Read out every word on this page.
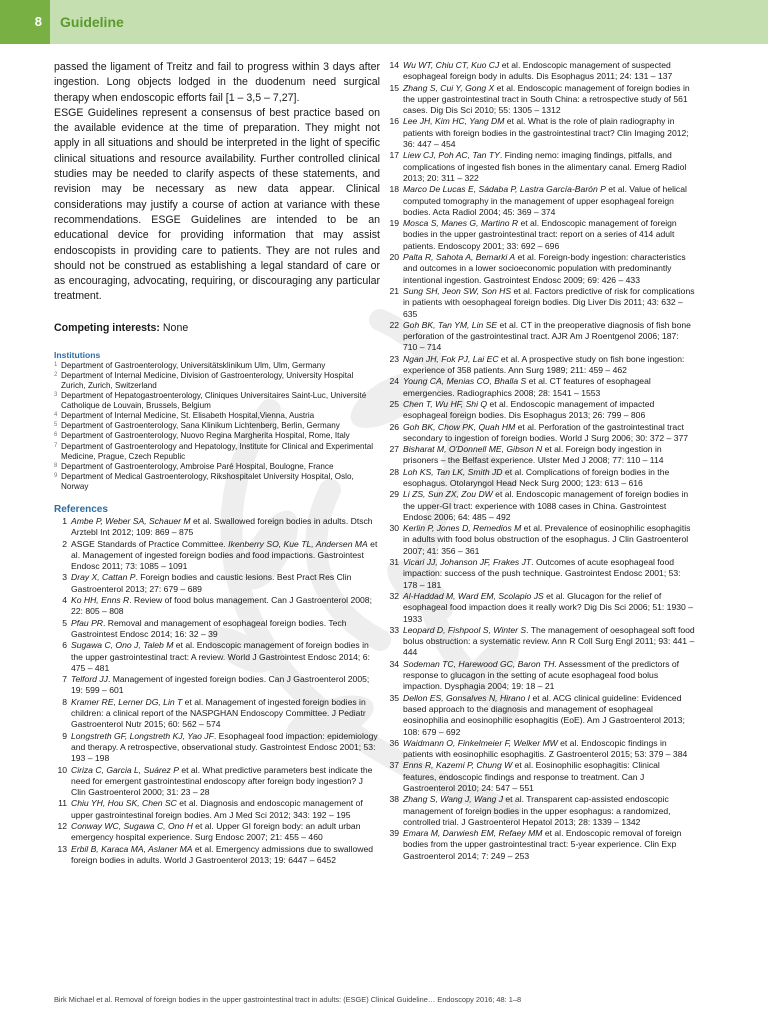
8	Guideline

passed the ligament of Treitz and fail to progress within 3 days after ingestion. Long objects lodged in the duodenum need surgical therapy when endoscopic efforts fail [1 – 3,5 – 7,27].

ESGE Guidelines represent a consensus of best practice based on the available evidence at the time of preparation. They might not apply in all situations and should be interpreted in the light of specific clinical situations and resource availability. Further controlled clinical studies may be needed to clarify aspects of these statements, and revision may be necessary as new data appear. Clinical considerations may justify a course of action at variance with these recommendations. ESGE Guidelines are intended to be an educational device for providing information that may assist endoscopists in providing care to patients. They are not rules and should not be construed as establishing a legal standard of care or as encouraging, advocating, requiring, or discouraging any particular treatment.

Competing interests: None
Institutions
1 Department of Gastroenterology, Universitätsklinikum Ulm, Ulm, Germany
2 Department of Internal Medicine, Division of Gastroenterology, University Hospital Zurich, Zurich, Switzerland
3 Department of Hepatogastroenterology, Cliniques Universitaires Saint-Luc, Université Catholique de Louvain, Brussels, Belgium
4 Department of Internal Medicine, St. Elisabeth Hospital,Vienna, Austria
5 Department of Gastroenterology, Sana Klinikum Lichtenberg, Berlin, Germany
6 Department of Gastroenterology, Nuovo Regina Margherita Hospital, Rome, Italy
7 Department of Gastroenterology and Hepatology, Institute for Clinical and Experimental Medicine, Prague, Czech Republic
8 Department of Gastroenterology, Ambroise Paré Hospital, Boulogne, France
9 Department of Medical Gastroenterology, Rikshospitalet University Hospital, Oslo, Norway
References
1 Ambe P, Weber SA, Schauer M et al. Swallowed foreign bodies in adults. Dtsch Arztebl Int 2012; 109: 869 – 875
2 ASGE Standards of Practice Committee. Ikenberry SO, Kue TL, Andersen MA et al. Management of ingested foreign bodies and food impactions. Gastrointest Endosc 2011; 73: 1085 – 1091
3 Dray X, Cattan P. Foreign bodies and caustic lesions. Best Pract Res Clin Gastroenterol 2013; 27: 679 – 689
4 Ko HH, Enns R. Review of food bolus management. Can J Gastroenterol 2008; 22: 805 – 808
5 Pfau PR. Removal and management of esophageal foreign bodies. Tech Gastrointest Endosc 2014; 16: 32 – 39
6 Sugawa C, Ono J, Taleb M et al. Endoscopic management of foreign bodies in the upper gastrointestinal tract: A review. World J Gastrointest Endosc 2014; 6: 475 – 481
7 Telford JJ. Management of ingested foreign bodies. Can J Gastroenterol 2005; 19: 599 – 601
8 Kramer RE, Lerner DG, Lin T et al. Management of ingested foreign bodies in children: a clinical report of the NASPGHAN Endoscopy Committee. J Pediatr Gastroenterol Nutr 2015; 60: 562 – 574
9 Longstreth GF, Longstreth KJ, Yao JF. Esophageal food impaction: epidemiology and therapy. A retrospective, observational study. Gastrointest Endosc 2001; 53: 193 – 198
10 Ciriza C, Garcia L, Suárez P et al. What predictive parameters best indicate the need for emergent gastrointestinal endoscopy after foreign body ingestion? J Clin Gastroenterol 2000; 31: 23 – 28
11 Chiu YH, Hou SK, Chen SC et al. Diagnosis and endoscopic management of upper gastrointestinal foreign bodies. Am J Med Sci 2012; 343: 192 – 195
12 Conway WC, Sugawa C, Ono H et al. Upper GI foreign body: an adult urban emergency hospital experience. Surg Endosc 2007; 21: 455 – 460
13 Erbil B, Karaca MA, Aslaner MA et al. Emergency admissions due to swallowed foreign bodies in adults. World J Gastroenterol 2013; 19: 6447 – 6452
14 Wu WT, Chiu CT, Kuo CJ et al. Endoscopic management of suspected esophageal foreign body in adults. Dis Esophagus 2011; 24: 131 – 137
15 Zhang S, Cui Y, Gong X et al. Endoscopic management of foreign bodies in the upper gastrointestinal tract in South China: a retrospective study of 561 cases. Dig Dis Sci 2010; 55: 1305 – 1312
16 Lee JH, Kim HC, Yang DM et al. What is the role of plain radiography in patients with foreign bodies in the gastrointestinal tract? Clin Imaging 2012; 36: 447 – 454
17 Liew CJ, Poh AC, Tan TY. Finding nemo: imaging findings, pitfalls, and complications of ingested fish bones in the alimentary canal. Emerg Radiol 2013; 20: 311 – 322
18 Marco De Lucas E, Sádaba P, Lastra García-Barón P et al. Value of helical computed tomography in the management of upper esophageal foreign bodies. Acta Radiol 2004; 45: 369 – 374
19 Mosca S, Manes G, Martino R et al. Endoscopic management of foreign bodies in the upper gastrointestinal tract: report on a series of 414 adult patients. Endoscopy 2001; 33: 692 – 696
20 Palta R, Sahota A, Bemarki A et al. Foreign-body ingestion: characteristics and outcomes in a lower socioeconomic population with predominantly intentional ingestion. Gastrointest Endosc 2009; 69: 426 – 433
21 Sung SH, Jeon SW, Son HS et al. Factors predictive of risk for complications in patients with oesophageal foreign bodies. Dig Liver Dis 2011; 43: 632 – 635
22 Goh BK, Tan YM, Lin SE et al. CT in the preoperative diagnosis of fish bone perforation of the gastrointestinal tract. AJR Am J Roentgenol 2006; 187: 710 – 714
23 Ngan JH, Fok PJ, Lai EC et al. A prospective study on fish bone ingestion: experience of 358 patients. Ann Surg 1989; 211: 459 – 462
24 Young CA, Menias CO, Bhalla S et al. CT features of esophageal emergencies. Radiographics 2008; 28: 1541 – 1553
25 Chen T, Wu HF, Shi Q et al. Endoscopic management of impacted esophageal foreign bodies. Dis Esophagus 2013; 26: 799 – 806
26 Goh BK, Chow PK, Quah HM et al. Perforation of the gastrointestinal tract secondary to ingestion of foreign bodies. World J Surg 2006; 30: 372 – 377
27 Bisharat M, O'Donnell ME, Gibson N et al. Foreign body ingestion in prisoners – the Belfast experience. Ulster Med J 2008; 77: 110 – 114
28 Loh KS, Tan LK, Smith JD et al. Complications of foreign bodies in the esophagus. Otolaryngol Head Neck Surg 2000; 123: 613 – 616
29 Li ZS, Sun ZX, Zou DW et al. Endoscopic management of foreign bodies in the upper-GI tract: experience with 1088 cases in China. Gastrointest Endosc 2006; 64: 485 – 492
30 Kerlin P, Jones D, Remedios M et al. Prevalence of eosinophilic esophagitis in adults with food bolus obstruction of the esophagus. J Clin Gastroenterol 2007; 41: 356 – 361
31 Vicari JJ, Johanson JF, Frakes JT. Outcomes of acute esophageal food impaction: success of the push technique. Gastrointest Endosc 2001; 53: 178 – 181
32 Al-Haddad M, Ward EM, Scolapio JS et al. Glucagon for the relief of esophageal food impaction does it really work? Dig Dis Sci 2006; 51: 1930 – 1933
33 Leopard D, Fishpool S, Winter S. The management of oesophageal soft food bolus obstruction: a systematic review. Ann R Coll Surg Engl 2011; 93: 441 – 444
34 Sodeman TC, Harewood GC, Baron TH. Assessment of the predictors of response to glucagon in the setting of acute esophageal food bolus impaction. Dysphagia 2004; 19: 18 – 21
35 Dellon ES, Gonsalves N, Hirano I et al. ACG clinical guideline: Evidenced based approach to the diagnosis and management of esophageal eosinophilia and eosinophilic esophagitis (EoE). Am J Gastroenterol 2013; 108: 679 – 692
36 Waidmann O, Finkelmeier F, Welker MW et al. Endoscopic findings in patients with eosinophilic esophagitis. Z Gastroenterol 2015; 53: 379 – 384
37 Enns R, Kazemi P, Chung W et al. Eosinophilic esophagitis: Clinical features, endoscopic findings and response to treatment. Can J Gastroenterol 2010; 24: 547 – 551
38 Zhang S, Wang J, Wang J et al. Transparent cap-assisted endoscopic management of foreign bodies in the upper esophagus: a randomized, controlled trial. J Gastroenterol Hepatol 2013; 28: 1339 – 1342
39 Emara M, Darwiesh EM, Refaey MM et al. Endoscopic removal of foreign bodies from the upper gastrointestinal tract: 5-year experience. Clin Exp Gastroenterol 2014; 7: 249 – 253
Birk Michael et al. Removal of foreign bodies in the upper gastrointestinal tract in adults: (ESGE) Clinical Guideline… Endoscopy 2016; 48: 1–8
